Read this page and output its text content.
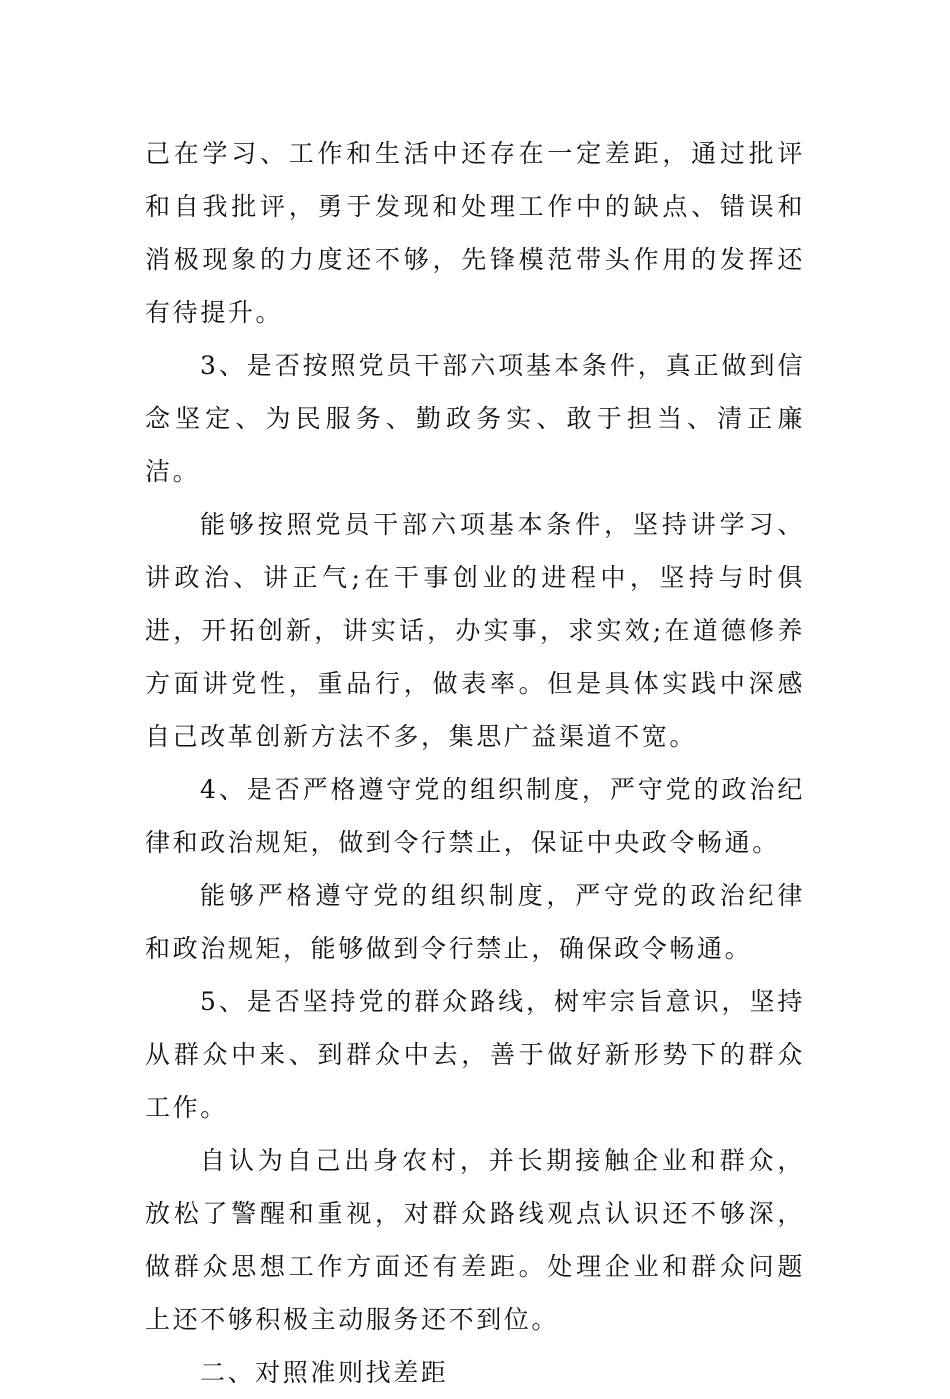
己在学习、工作和生活中还存在一定差距，通过批评和自我批评，勇于发现和处理工作中的缺点、错误和消极现象的力度还不够，先锋模范带头作用的发挥还有待提升。

3、是否按照党员干部六项基本条件，真正做到信念坚定、为民服务、勤政务实、敢于担当、清正廉洁。

能够按照党员干部六项基本条件，坚持讲学习、讲政治、讲正气;在干事创业的进程中，坚持与时俱进，开拓创新，讲实话，办实事，求实效;在道德修养方面讲党性，重品行，做表率。但是具体实践中深感自己改革创新方法不多，集思广益渠道不宽。

4、是否严格遵守党的组织制度，严守党的政治纪律和政治规矩，做到令行禁止，保证中央政令畅通。

能够严格遵守党的组织制度，严守党的政治纪律和政治规矩，能够做到令行禁止，确保政令畅通。

5、是否坚持党的群众路线，树牢宗旨意识，坚持从群众中来、到群众中去，善于做好新形势下的群众工作。

自认为自己出身农村，并长期接触企业和群众，放松了警醒和重视，对群众路线观点认识还不够深，做群众思想工作方面还有差距。处理企业和群众问题上还不够积极主动服务还不到位。

二、对照准则找差距
